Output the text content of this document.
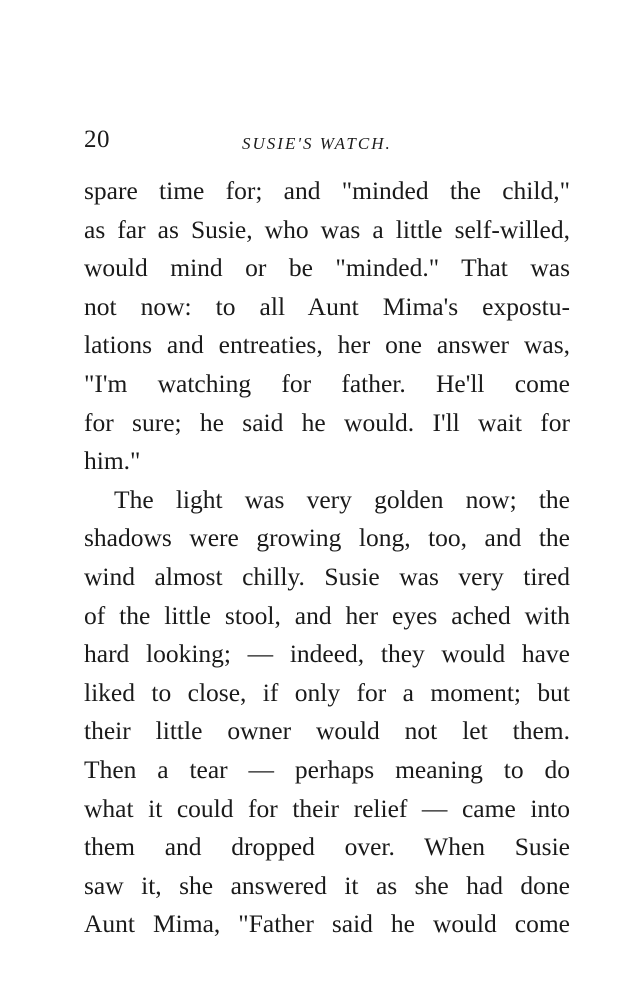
20	SUSIE'S WATCH.
spare time for; and "minded the child,"
as far as Susie, who was a little self-willed,
would mind or be "minded." That was
not now: to all Aunt Mima's expostu-
lations and entreaties, her one answer was,
"I'm watching for father. He'll come
for sure; he said he would. I'll wait for
him."
The light was very golden now; the
shadows were growing long, too, and the
wind almost chilly. Susie was very tired
of the little stool, and her eyes ached with
hard looking; — indeed, they would have
liked to close, if only for a moment; but
their little owner would not let them.
Then a tear — perhaps meaning to do
what it could for their relief — came into
them and dropped over. When Susie
saw it, she answered it as she had done
Aunt Mima, "Father said he would come
